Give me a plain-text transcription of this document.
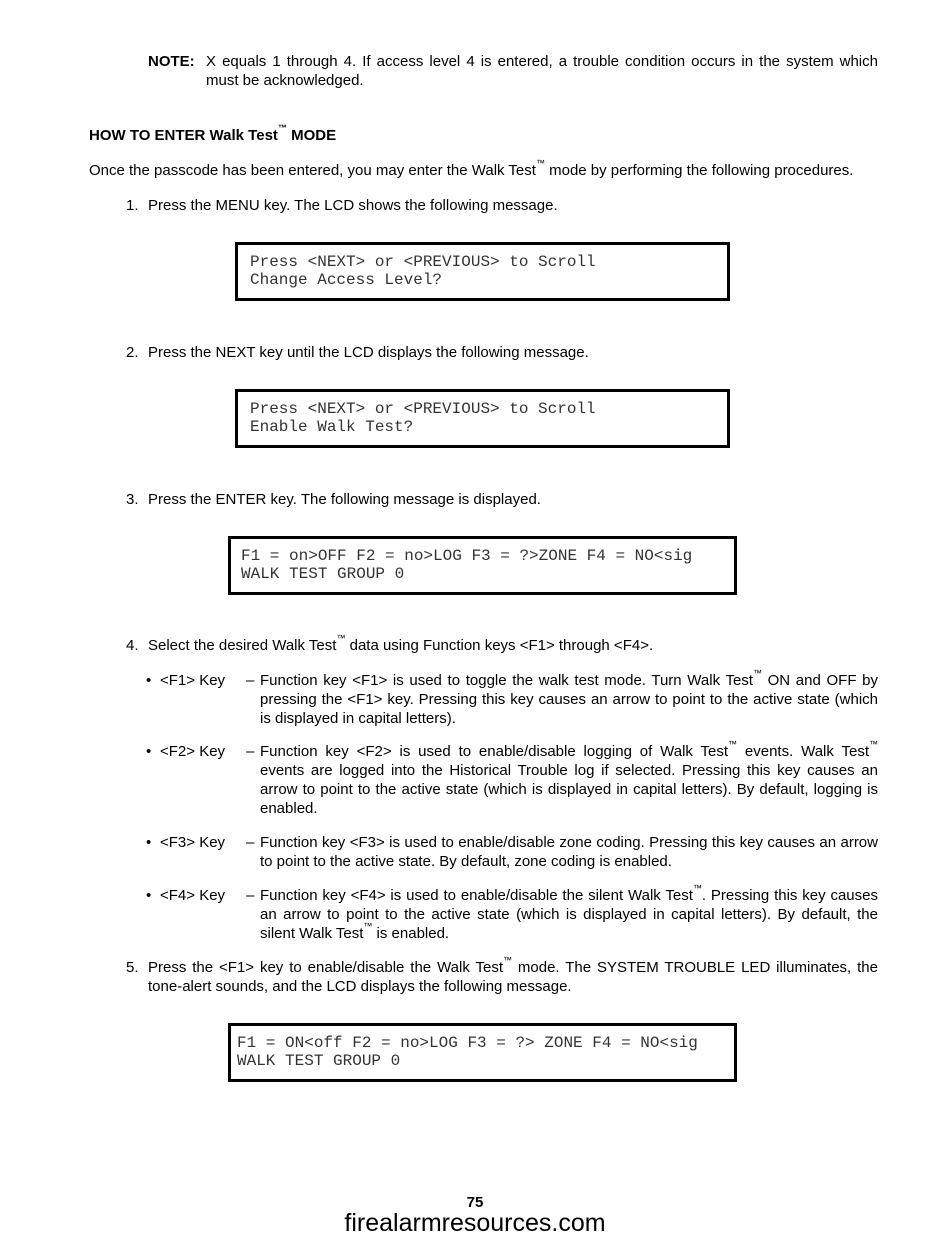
NOTE: X equals 1 through 4. If access level 4 is entered, a trouble condition occurs in the system which must be acknowledged.
HOW TO ENTER Walk Test™ MODE
Once the passcode has been entered, you may enter the Walk Test™ mode by performing the following procedures.
1. Press the MENU key. The LCD shows the following message.
Press <NEXT> or <PREVIOUS> to Scroll
Change Access Level?
2. Press the NEXT key until the LCD displays the following message.
Press <NEXT> or <PREVIOUS> to Scroll
Enable Walk Test?
3. Press the ENTER key. The following message is displayed.
F1 = on>OFF F2 = no>LOG F3 = ?>ZONE F4 = NO<sig
WALK TEST GROUP 0
4. Select the desired Walk Test™ data using Function keys <F1> through <F4>.
• <F1> Key	– Function key <F1> is used to toggle the walk test mode. Turn Walk Test™ ON and OFF by pressing the <F1> key. Pressing this key causes an arrow to point to the active state (which is displayed in capital letters).
• <F2> Key	– Function key <F2> is used to enable/disable logging of Walk Test™ events. Walk Test™ events are logged into the Historical Trouble log if selected. Pressing this key causes an arrow to point to the active state (which is displayed in capital letters). By default, logging is enabled.
• <F3> Key	– Function key <F3> is used to enable/disable zone coding. Pressing this key causes an arrow to point to the active state. By default, zone coding is enabled.
• <F4> Key	– Function key <F4> is used to enable/disable the silent Walk Test™. Pressing this key causes an arrow to point to the active state (which is displayed in capital letters). By default, the silent Walk Test™ is enabled.
5. Press the <F1> key to enable/disable the Walk Test™ mode. The SYSTEM TROUBLE LED illuminates, the tone-alert sounds, and the LCD displays the following message.
F1 = ON<off F2 = no>LOG F3 = ?> ZONE F4 = NO<sig
WALK TEST GROUP 0
75
firealarmresources.com
